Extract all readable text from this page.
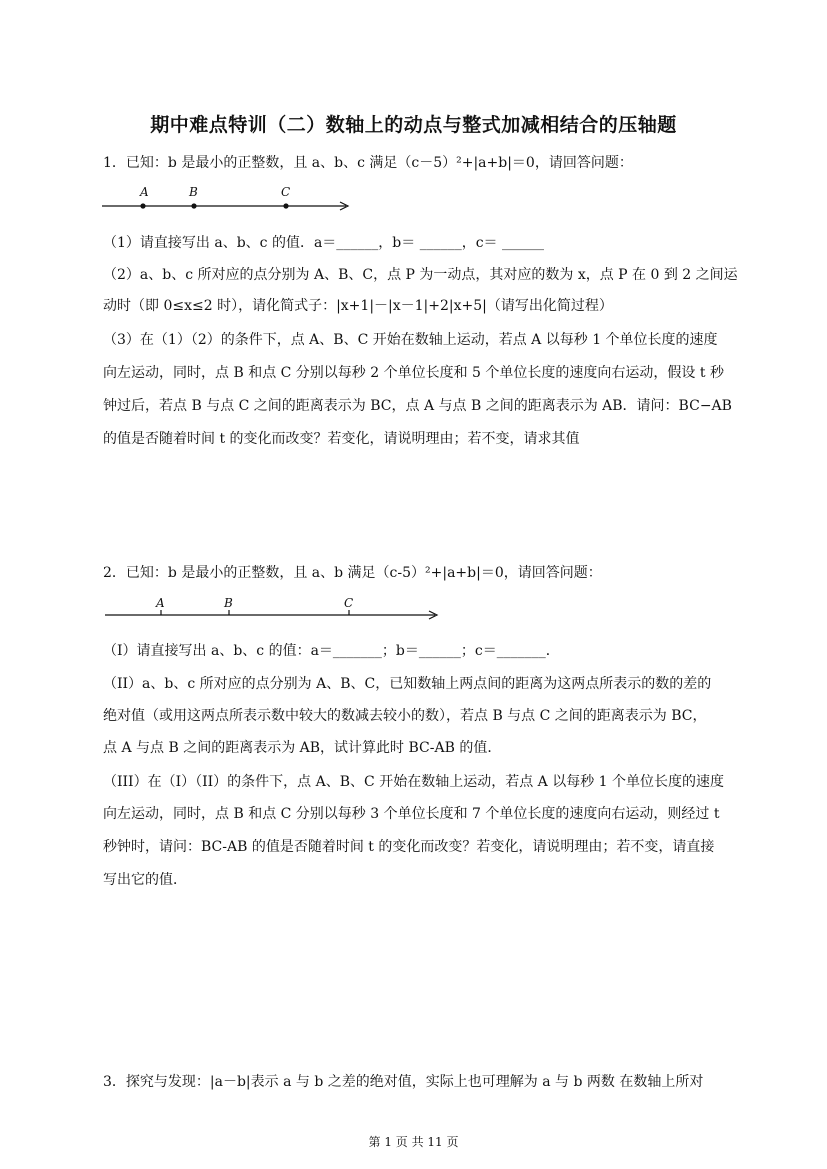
期中难点特训（二）数轴上的动点与整式加减相结合的压轴题
1．已知：b 是最小的正整数，且 a、b、c 满足（c－5）²+|a+b|＝0，请回答问题：
A	B	C
（1）请直接写出 a、b、c 的值．a＝______，b＝ ______，c＝ ______
（2）a、b、c 所对应的点分别为 A、B、C，点 P 为一动点，其对应的数为 x，点 P 在 0 到 2 之间运
动时（即 0≤x≤2 时），请化简式子：|x+1|－|x－1|+2|x+5|（请写出化简过程）
（3）在（1）（2）的条件下，点 A、B、C 开始在数轴上运动，若点 A 以每秒 1 个单位长度的速度
向左运动，同时，点 B 和点 C 分别以每秒 2 个单位长度和 5 个单位长度的速度向右运动，假设 t 秒
钟过后，若点 B 与点 C 之间的距离表示为 BC，点 A 与点 B 之间的距离表示为 AB．请问：BC−AB
的值是否随着时间 t 的变化而改变？若变化，请说明理由；若不变，请求其值
2．已知：b 是最小的正整数，且 a、b 满足（c-5）²+|a+b|＝0，请回答问题：
A	B	C
（I）请直接写出 a、b、c 的值：a＝_______；b＝______；c＝_______．
（II）a、b、c 所对应的点分别为 A、B、C，已知数轴上两点间的距离为这两点所表示的数的差的
绝对值（或用这两点所表示数中较大的数减去较小的数），若点 B 与点 C 之间的距离表示为 BC，
点 A 与点 B 之间的距离表示为 AB，试计算此时 BC-AB 的值．
（III）在（I）（II）的条件下，点 A、B、C 开始在数轴上运动，若点 A 以每秒 1 个单位长度的速度
向左运动，同时，点 B 和点 C 分别以每秒 3 个单位长度和 7 个单位长度的速度向右运动，则经过 t
秒钟时，请问：BC-AB 的值是否随着时间 t 的变化而改变？若变化，请说明理由；若不变，请直接
写出它的值．
3．探究与发现：|a－b|表示 a 与 b 之差的绝对值，实际上也可理解为 a 与 b 两数 在数轴上所对
第 1 页 共 11 页
